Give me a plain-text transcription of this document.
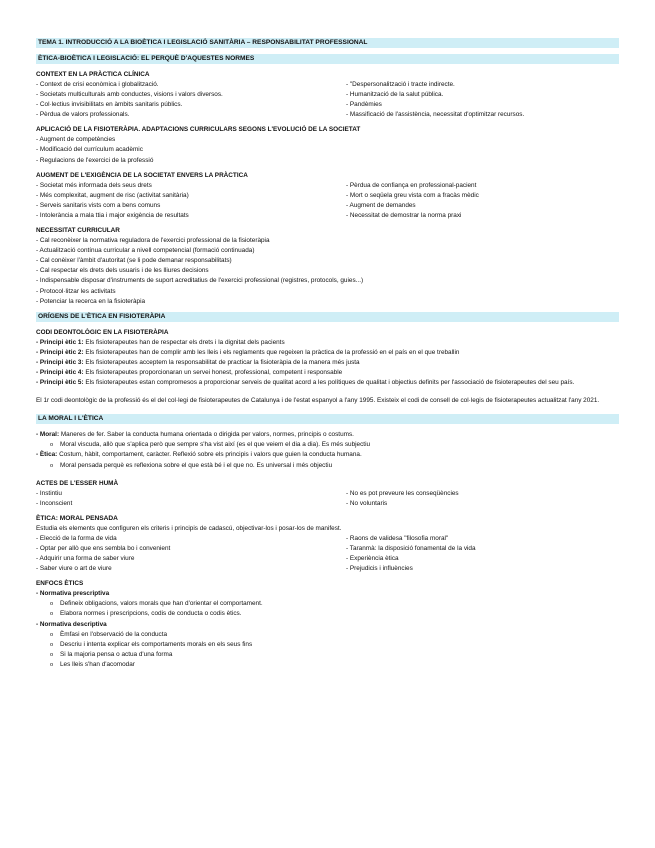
TEMA 1. INTRODUCCIÓ A LA BIOÈTICA I LEGISLACIÓ SANITÀRIA – RESPONSABILITAT PROFESSIONAL
ÈTICA-BIOÈTICA I LEGISLACIÓ: EL PERQUÈ D'AQUESTES NORMES
CONTEXT EN LA PRÀCTICA CLÍNICA
- Context de crisi econòmica i globalització.
- Societats multiculturals amb conductes, visions i valors diversos.
- Col·lectius invisibilitats en àmbits sanitaris públics.
- Pèrdua de valors professionals.
- "Despersonalització i tracte indirecte.
- Humanització de la salut pública.
- Pandèmies
- Massificació de l'assistència, necessitat d'optimitzar recursos.
APLICACIÓ DE LA FISIOTERÀPIA. ADAPTACIONS CURRICULARS SEGONS L'EVOLUCIÓ DE LA SOCIETAT
- Augment de competències
- Modificació del currículum acadèmic
- Regulacions de l'exercici de la professió
AUGMENT DE L'EXIGÈNCIA DE LA SOCIETAT ENVERS LA PRÀCTICA
- Societat més informada dels seus drets
- Més complexitat, augment de risc (activitat sanitària)
- Serveis sanitaris vists com a bens comuns
- Intolerància a mala ttia i major exigència de resultats
- Pèrdua de confiança en professional-pacient
- Mort o seqüela greu vista com a fracàs mèdic
- Augment de demandes
- Necessitat de demostrar la norma praxi
NECESSITAT CURRICULAR
- Cal reconèixer la normativa reguladora de l'exercici professional de la fisioteràpia
- Actualització contínua curricular a nivell competencial (formació continuada)
- Cal conèixer l'àmbit d'autoritat (se li pode demanar responsabilitats)
- Cal respectar els drets dels usuaris i de les lliures decisions
- Indispensable disposar d'instruments de suport acreditatius de l'exercici professional (registres, protocols, guies...)
- Protocol·litzar les activitats
- Potenciar la recerca en la fisioteràpia
ORÍGENS DE L'ÈTICA EN FISIOTERÀPIA
CODI DEONTOLÒGIC EN LA FISIOTERÀPIA
- Principi ètic 1: Els fisioterapeutes han de respectar els drets i la dignitat dels pacients
- Principi ètic 2: Els fisioterapeutes han de complir amb les lleis i els reglaments que regeixen la pràctica de la professió en el país en el que treballin
- Principi ètic 3: Els fisioterapeutes acceptem la responsabilitat de practicar la fisioteràpia de la manera més justa
- Principi ètic 4: Els fisioterapeutes proporcionaran un servei honest, professional, competent i responsable
- Principi ètic 5: Els fisioterapeutes estan compromesos a proporcionar serveis de qualitat acord a les polítiques de qualitat i objectius definits per l'associació de fisioterapeutes del seu país.
El 1r codi deontològic de la professió és el del col·legi de fisioterapeutes de Catalunya i de l'estat espanyol a l'any 1995. Existeix el codi de consell de col·legis de fisioterapeutes actualitzat l'any 2021.
LA MORAL I L'ÈTICA
- Moral: Maneres de fer. Saber la conducta humana orientada o dirigida per valors, normes, principis o costums.
o Moral viscuda, allò que s'aplica però que sempre s'ha vist així (es el que veiem el dia a dia). Es més subjectiu
- Ètica: Costum, hàbit, comportament, caràcter. Reflexió sobre els principis i valors que guien la conducta humana.
o Moral pensada perquè es reflexiona sobre el que està bé i el que no. Es universal i més objectiu
ACTES DE L'ESSER HUMÀ
- Instintiu
- Inconscient
- No es pot preveure les conseqüències
- No voluntaris
ÈTICA: MORAL PENSADA
Estudia els elements que configuren els criteris i principis de cadascú, objectivar-los i posar-los de manifest.
- Elecció de la forma de vida
- Optar per allò que ens sembla bo i convenient
- Adquirir una forma de saber viure
- Saber viure o art de viure
- Raons de validesa "filosofia moral"
- Taranmà: la disposició fonamental de la vida
- Experiència ètica
- Prejudicis i influències
ENFOCS ÈTICS
- Normativa prescriptiva
o Defineix obligacions, valors morals que han d'orientar el comportament.
o Elabora normes i prescripcions, codis de conducta o codis ètics.
- Normativa descriptiva
o Èmfasi en l'observació de la conducta
o Descriu i intenta explicar els comportaments morals en els seus fins
o Si la majoria pensa o actua d'una forma
o Les lleis s'han d'acomodar
